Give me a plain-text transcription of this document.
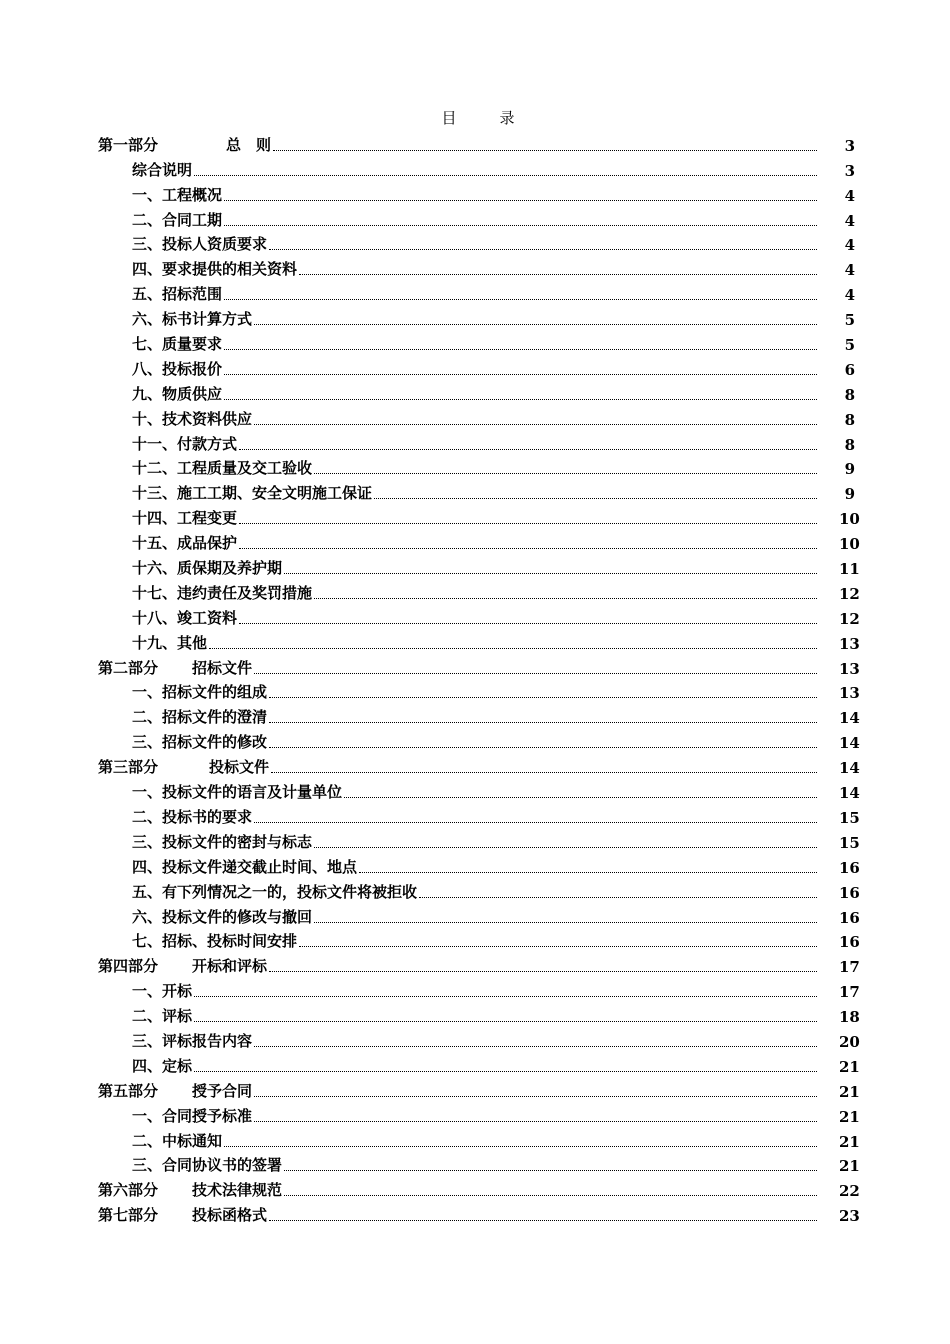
目　录
第一部分	总　则	3
综合说明	3
一、工程概况	4
二、合同工期	4
三、投标人资质要求	4
四、要求提供的相关资料	4
五、招标范围	4
六、标书计算方式	5
七、质量要求	5
八、投标报价	6
九、物质供应	8
十、技术资料供应	8
十一、付款方式	8
十二、工程质量及交工验收	9
十三、施工工期、安全文明施工保证	9
十四、工程变更	10
十五、成品保护	10
十六、质保期及养护期	11
十七、违约责任及奖罚措施	12
十八、竣工资料	12
十九、其他	13
第二部分 招标文件	13
一、招标文件的组成	13
二、招标文件的澄清	14
三、招标文件的修改	14
第三部分	投标文件	14
一、投标文件的语言及计量单位	14
二、投标书的要求	15
三、投标文件的密封与标志	15
四、投标文件递交截止时间、地点	16
五、有下列情况之一的，投标文件将被拒收	16
六、投标文件的修改与撤回	16
七、招标、投标时间安排	16
第四部分 开标和评标	17
一、开标	17
二、评标	18
三、评标报告内容	20
四、定标	21
第五部分 授予合同	21
一、合同授予标准	21
二、中标通知	21
三、合同协议书的签署	21
第六部分 技术法律规范	22
第七部分 投标函格式	23
